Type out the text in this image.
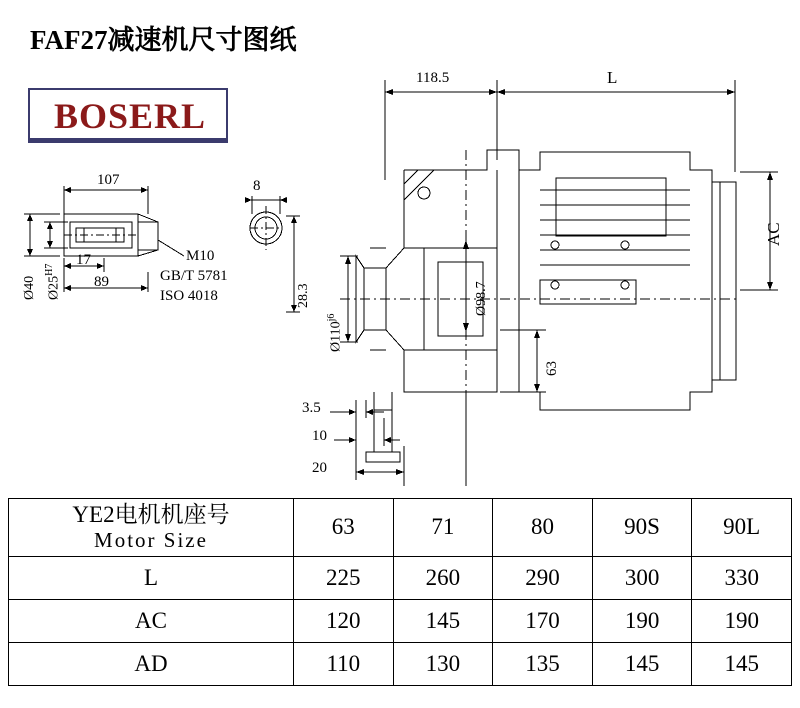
FAF27减速机尺寸图纸
BOSERL
118.5	L
AC
107	8
17
89
Ø40 $Ø25^{H7}$
M10
GB/T 5781
ISO 4018	28.3	Ø98.7
$Ø110^{j6}$
63
3.5
10
20
YE2电机机座号
Motor Size	63	71	80	90S	90L
L	225	260	290	300	330
AC	120	145	170	190	190
AD	110	130	135	145	145
